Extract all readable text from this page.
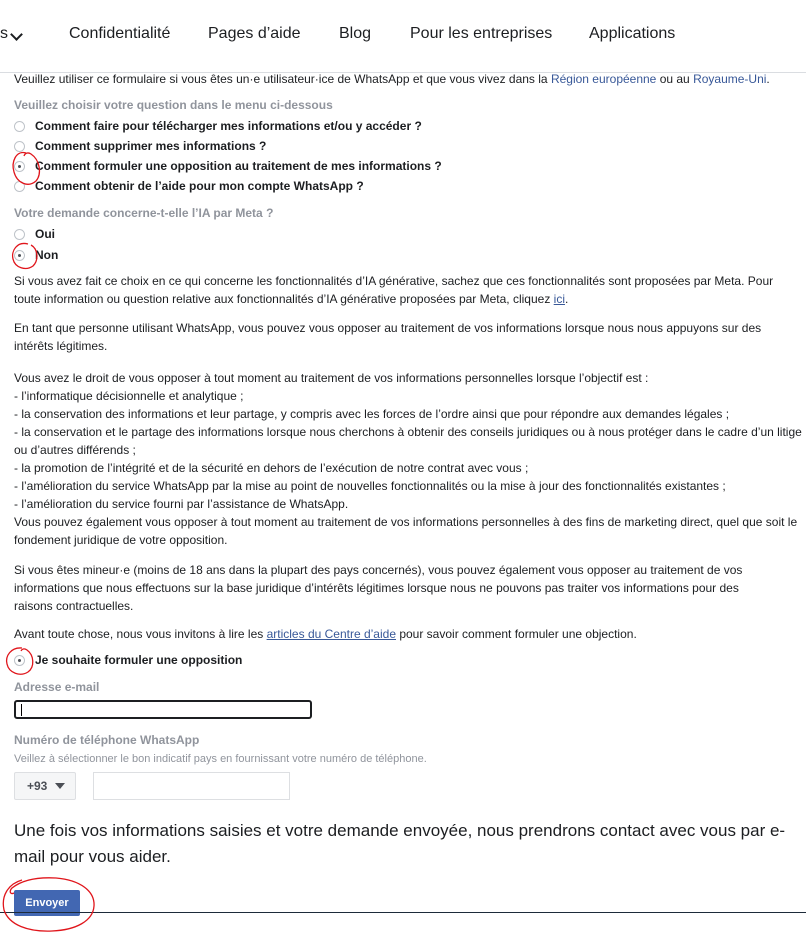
s	Confidentialité Pages d’aide Blog Pour les entreprises Applications

Veuillez utiliser ce formulaire si vous êtes un·e utilisateur·ice de WhatsApp et que vous vivez dans la Région européenne ou au Royaume-Uni.

Veuillez choisir votre question dans le menu ci-dessous
Comment faire pour télécharger mes informations et/ou y accéder ?
Comment supprimer mes informations ?
Comment formuler une opposition au traitement de mes informations ?
Comment obtenir de l’aide pour mon compte WhatsApp ?
Votre demande concerne-t-elle l’IA par Meta ?
Oui
Non

Si vous avez fait ce choix en ce qui concerne les fonctionnalités d’IA générative, sachez que ces fonctionnalités sont proposées par Meta. Pour toute information ou question relative aux fonctionnalités d’IA générative proposées par Meta, cliquez ici.

En tant que personne utilisant WhatsApp, vous pouvez vous opposer au traitement de vos informations lorsque nous nous appuyons sur des intérêts légitimes.

Vous avez le droit de vous opposer à tout moment au traitement de vos informations personnelles lorsque l’objectif est :

- l’informatique décisionnelle et analytique ;

- la conservation des informations et leur partage, y compris avec les forces de l’ordre ainsi que pour répondre aux demandes légales ;

- la conservation et le partage des informations lorsque nous cherchons à obtenir des conseils juridiques ou à nous protéger dans le cadre d’un litige ou d’autres différends ;

- la promotion de l’intégrité et de la sécurité en dehors de l’exécution de notre contrat avec vous ;

- l’amélioration du service WhatsApp par la mise au point de nouvelles fonctionnalités ou la mise à jour des fonctionnalités existantes ;

- l’amélioration du service fourni par l’assistance de WhatsApp.

Vous pouvez également vous opposer à tout moment au traitement de vos informations personnelles à des fins de marketing direct, quel que soit le fondement juridique de votre opposition.

Si vous êtes mineur·e (moins de 18 ans dans la plupart des pays concernés), vous pouvez également vous opposer au traitement de vos informations que nous effectuons sur la base juridique d’intérêts légitimes lorsque nous ne pouvons pas traiter vos informations pour des raisons contractuelles.

Avant toute chose, nous vous invitons à lire les articles du Centre d’aide pour savoir comment formuler une objection.

Je souhaite formuler une opposition
Adresse e-mail
Numéro de téléphone WhatsApp
Veillez à sélectionner le bon indicatif pays en fournissant votre numéro de téléphone.
+93
Une fois vos informations saisies et votre demande envoyée, nous prendrons contact avec vous par e-mail pour vous aider.
Envoyer
